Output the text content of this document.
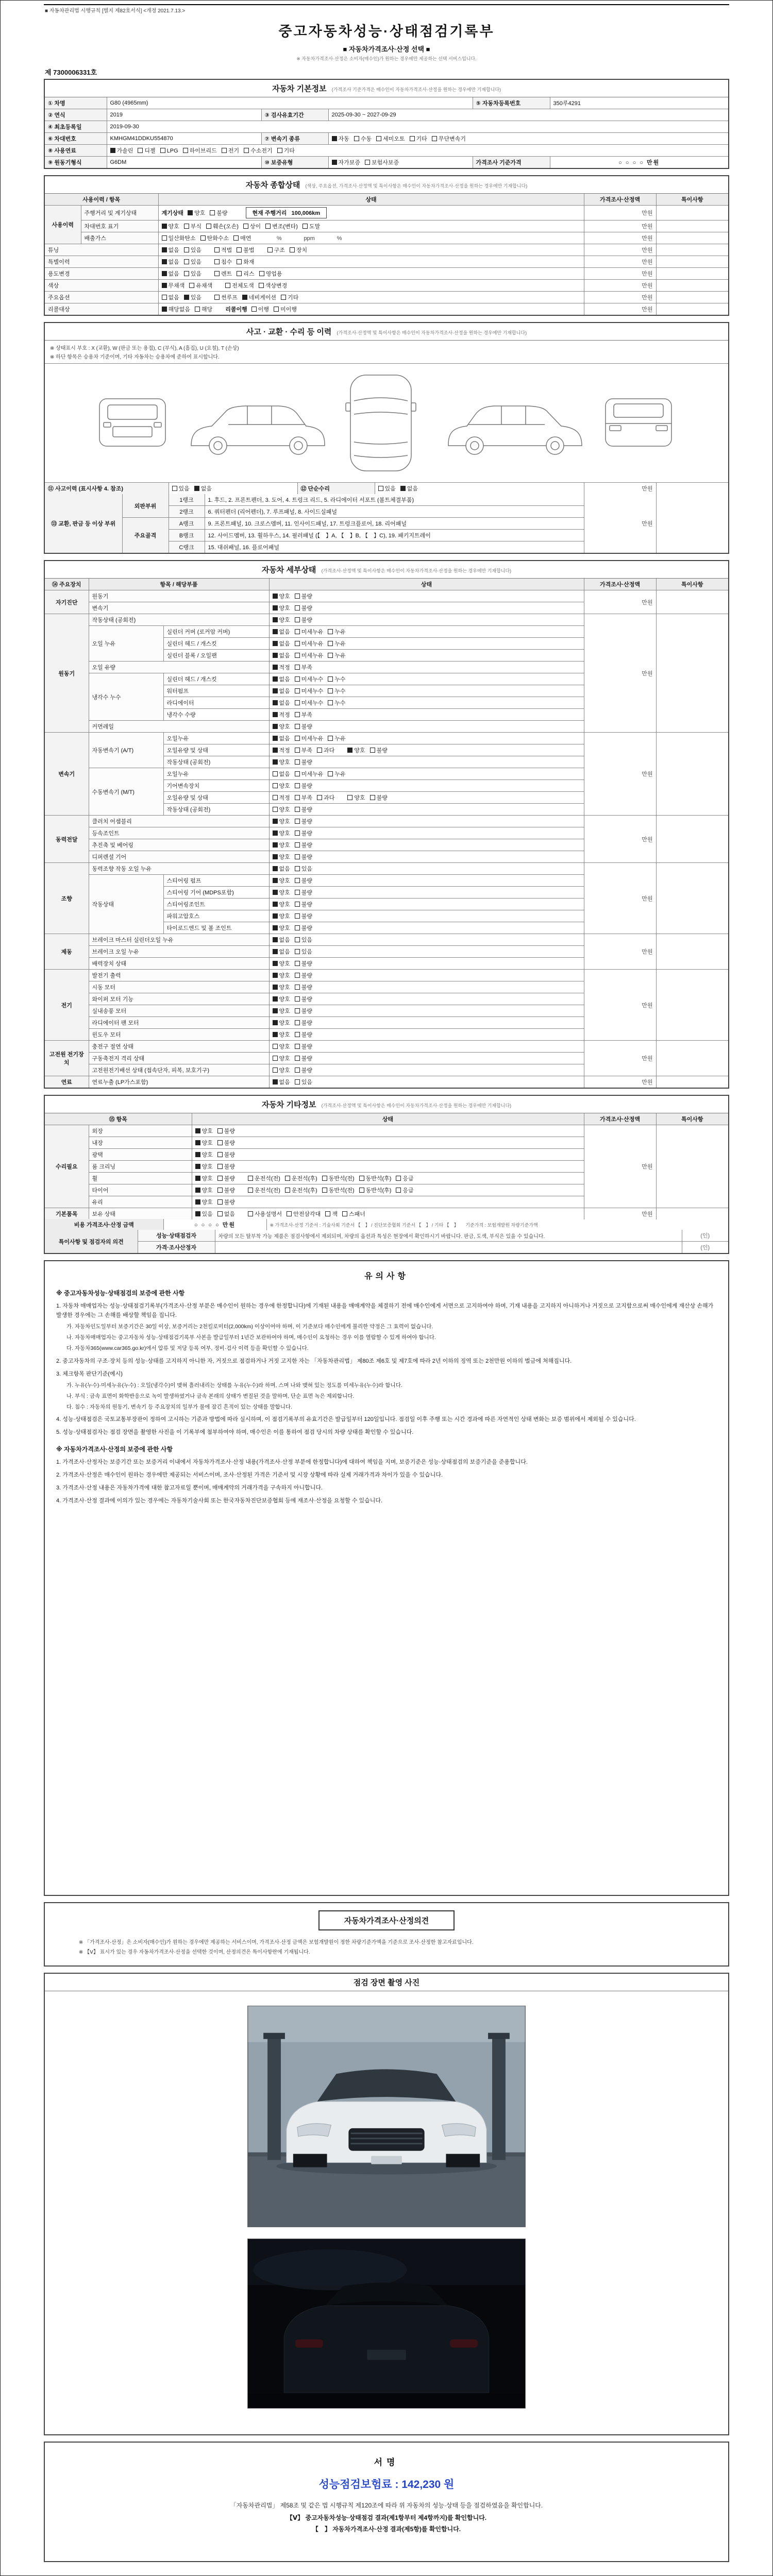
■ 자동차관리법 시행규칙 [별지 제82호서식] <개정 2021.7.13.>
중고자동차성능·상태점검기록부
■ 자동차가격조사·산정 선택 ■
※ 자동차가격조사·산정은 소비자(매수인)가 원하는 경우에만 제공하는 선택 서비스입니다.
제 7300006331호
자동차 기본정보 (가격조사 기준가격은 매수인이 자동차가격조사·산정을 원하는 경우에만 기재합니다)
① 차명	G80 (4965mm)			⑤ 자동차등록번호	350루4291
② 연식	2019	③ 검사유효기간	2025-09-30 ~ 2027-09-29		
④ 최초등록일	2019-09-30				
⑥ 차대번호	KMHGM41DDKU554870	⑦ 변속기 종류	자동 수동 세미오토 기타 무단변속기		
⑧ 사용연료	가솔린 디젤 LPG 하이브리드 전기 수소전기 기타				
⑨ 원동기형식	G6DM	⑩ 보증유형	자가보증 보험사보증	가격조사 기준가격	○ ○ ○ ○ 만원
자동차 종합상태 (색상, 주요옵션, 가격조사·산정액 및 특이사항은 매수인이 자동차가격조사·산정을 원하는 경우에만 기재합니다)
사용이력 / 항목		상태	가격조사·산정액	특이사항
사용이력	주행거리 및 계기상태	계기상태 양호 불량 현재 주행거리   100,006km	만원	
	차대번호 표기	양호 부식 훼손(오손) 상이 변조(변타) 도말	만원	
	배출가스	일산화탄소 탄화수소 매연        %              ppm              %	만원	
튜닝		없음 있음 적법 불법 구조 장치	만원	
특별이력		없음 있음 침수 화재	만원	
용도변경		없음 있음 렌트 리스 영업용	만원	
색상		무채색 유채색 전체도색 색상변경	만원	
주요옵션		없음 있음 썬루프 네비게이션 기타	만원	
리콜대상		해당없음 해당 리콜이행 이행 미이행	만원	
사고 · 교환 · 수리 등 이력 (가격조사·산정액 및 특이사항은 매수인이 자동차가격조사·산정을 원하는 경우에만 기재합니다)
※ 상태표시 부호 : X (교환), W (판금 또는 용접), C (부식), A (흠집), U (요철), T (손상)
※ 하단 항목은 승용차 기준이며, 기타 자동차는 승용차에 준하여 표시합니다.
⑪ 사고이력 (표시사항 4. 참조)	있음 없음	⑫ 단순수리	있음 없음	만원	
⑬ 교환, 판금 등 이상 부위	외판부위	1랭크	1. 후드, 2. 프론트펜더, 3. 도어, 4. 트렁크 리드, 5. 라디에이터 서포트 (볼트체결부품)	만원	
		2랭크	6. 쿼터펜더 (리어펜더), 7. 루프패널, 8. 사이드실패널		
	주요골격	A랭크	9. 프론트패널, 10. 크로스멤버, 11. 인사이드패널, 17. 트렁크플로어, 18. 리어패널		
		B랭크	12. 사이드멤버, 13. 휠하우스, 14. 필러패널 (【　】A, 【　】B, 【　】C), 19. 패키지트레이		
		C랭크	15. 대쉬패널, 16. 플로어패널		
자동차 세부상태 (가격조사·산정액 및 특이사항은 매수인이 자동차가격조사·산정을 원하는 경우에만 기재합니다)
⑭ 주요장치	항목 / 해당부품		상태	가격조사·산정액	특이사항
자기진단	원동기		양호 불량	만원	
	변속기		양호 불량		
원동기	작동상태 (공회전)		양호 불량	만원	
	오일 누유	실린더 커버 (로커암 커버)	없음 미세누유 누유		
		실린더 헤드 / 개스킷	없음 미세누유 누유		
		실린더 블록 / 오일팬	없음 미세누유 누유		
	오일 유량		적정 부족		
	냉각수 누수	실린더 헤드 / 개스킷	없음 미세누수 누수		
		워터펌프	없음 미세누수 누수		
		라디에이터	없음 미세누수 누수		
		냉각수 수량	적정 부족		
	커먼레일		양호 불량		
변속기	자동변속기 (A/T)	오일누유	없음 미세누유 누유	만원	
		오일유량 및 상태	적정 부족 과다 양호 불량		
		작동상태 (공회전)	양호 불량		
	수동변속기 (M/T)	오일누유	없음 미세누유 누유		
		기어변속장치	양호 불량		
		오일유량 및 상태	적정 부족 과다 양호 불량		
		작동상태 (공회전)	양호 불량		
동력전달	클러치 어셈블리		양호 불량	만원	
	등속조인트		양호 불량		
	추진축 및 베어링		양호 불량		
	디퍼렌셜 기어		양호 불량		
조향	동력조향 작동 오일 누유		없음 있음	만원	
	작동상태	스티어링 펌프	양호 불량		
		스티어링 기어 (MDPS포함)	양호 불량		
		스티어링조인트	양호 불량		
		파워고압호스	양호 불량		
		타이로드엔드 및 볼 조인트	양호 불량		
제동	브레이크 마스터 실린더오일 누유		없음 있음	만원	
	브레이크 오일 누유		없음 있음		
	배력장치 상태		양호 불량		
전기	발전기 출력		양호 불량	만원	
	시동 모터		양호 불량		
	와이퍼 모터 기능		양호 불량		
	실내송풍 모터		양호 불량		
	라디에이터 팬 모터		양호 불량		
	윈도우 모터		양호 불량		
고전원 전기장치	충전구 절연 상태		양호 불량	만원	
	구동축전지 격리 상태		양호 불량		
	고전원전기배선 상태 (접속단자, 피복, 보호기구)		양호 불량		
연료	연료누출 (LP가스포함)		없음 있음	만원	
자동차 기타정보 (가격조사·산정액 및 특이사항은 매수인이 자동차가격조사·산정을 원하는 경우에만 기재합니다)
⑮ 항목		상태	가격조사·산정액	특이사항
수리필요	외장	양호 불량	만원	
	내장	양호 불량		
	광택	양호 불량		
	룸 크리닝	양호 불량		
	휠	양호 불량 운전석(전) 운전석(후) 동반석(전) 동반석(후) 응급		
	타이어	양호 불량 운전석(전) 운전석(후) 동반석(전) 동반석(후) 응급		
	유리	양호 불량		
기본품목	보유 상태	있음 없음 사용설명서 안전삼각대 잭 스패너	만원	
비용 가격조사·산정 금액	○ ○ ○ ○ 만원	※ 가격조사·산정 기준서 : 기술사회 기준서 【　】 / 진단보증협회 기준서 【　】 / 기타 【　】　　기준가격 : 보험개발원 차량기준가액
특이사항 및 점검자의 의견	성능·상태점검자	차량의 모든 탈부착 가능 제품은 점검사항에서 제외되며, 차량의 옵션과 특성은 현장에서 확인하시기 바랍니다. 판금, 도색, 부식은 있을 수 있습니다.	(인)
	가격·조사산정자		(인)
유의사항

※ 중고자동차성능·상태점검의 보증에 관한 사항

1. 자동차 매매업자는 성능·상태점검기록부(가격조사·산정 부분은 매수인이 원하는 경우에 한정합니다)에 기재된 내용을 매매계약을 체결하기 전에 매수인에게 서면으로 고지하여야 하며, 기재 내용을 고지하지 아니하거나 거짓으로 고지함으로써 매수인에게 재산상 손해가 발생한 경우에는 그 손해를 배상할 책임을 집니다.

가. 자동차인도일부터 보증기간은 30일 이상, 보증거리는 2천킬로미터(2,000km) 이상이어야 하며, 이 기준보다 매수인에게 불리한 약정은 그 효력이 없습니다.

나. 자동차매매업자는 중고자동차 성능·상태점검기록부 사본을 발급일부터 1년간 보관하여야 하며, 매수인이 요청하는 경우 이를 열람할 수 있게 하여야 합니다.

다. 자동차365(www.car365.go.kr)에서 압류 및 저당 등록 여부, 정비·검사 이력 등을 확인할 수 있습니다.

2. 중고자동차의 구조·장치 등의 성능·상태를 고지하지 아니한 자, 거짓으로 점검하거나 거짓 고지한 자는 「자동차관리법」 제80조 제6호 및 제7호에 따라 2년 이하의 징역 또는 2천만원 이하의 벌금에 처해집니다.

3. 체크항목 판단기준(예시)

가. 누유(누수)·미세누유(누수) : 오일(냉각수)이 맺혀 흘러내리는 상태를 누유(누수)라 하며, 스며 나와 맺혀 있는 정도를 미세누유(누수)라 합니다.

나. 부식 : 금속 표면이 화학반응으로 녹이 발생하였거나 금속 본래의 상태가 변질된 것을 말하며, 단순 표면 녹은 제외합니다.

다. 침수 : 자동차의 원동기, 변속기 등 주요장치의 일부가 물에 잠긴 흔적이 있는 상태를 말합니다.

4. 성능·상태점검은 국토교통부장관이 정하여 고시하는 기준과 방법에 따라 실시하며, 이 점검기록부의 유효기간은 발급일부터 120일입니다. 점검일 이후 주행 또는 시간 경과에 따른 자연적인 상태 변화는 보증 범위에서 제외될 수 있습니다.

5. 성능·상태점검자는 점검 장면을 촬영한 사진을 이 기록부에 첨부하여야 하며, 매수인은 이를 통하여 점검 당시의 차량 상태를 확인할 수 있습니다.

※ 자동차가격조사·산정의 보증에 관한 사항

1. 가격조사·산정자는 보증기간 또는 보증거리 이내에서 자동차가격조사·산정 내용(가격조사·산정 부분에 한정합니다)에 대하여 책임을 지며, 보증기준은 성능·상태점검의 보증기준을 준용합니다.

2. 가격조사·산정은 매수인이 원하는 경우에만 제공되는 서비스이며, 조사·산정된 가격은 기준서 및 시장 상황에 따라 실제 거래가격과 차이가 있을 수 있습니다.

3. 가격조사·산정 내용은 자동차가격에 대한 참고자료일 뿐이며, 매매계약의 거래가격을 구속하지 아니합니다.

4. 가격조사·산정 결과에 이의가 있는 경우에는 자동차기술사회 또는 한국자동차진단보증협회 등에 재조사·산정을 요청할 수 있습니다.

자동차가격조사·산정의견

※ 「가격조사·산정」은 소비자(매수인)가 원하는 경우에만 제공하는 서비스이며, 가격조사·산정 금액은 보험개발원이 정한 차량기준가액을 기준으로 조사·산정한 참고자료입니다.

※ 【Ⅴ】 표시가 있는 경우 자동차가격조사·산정을 선택한 것이며, 산정의견은 특이사항란에 기재됩니다.

점검 장면 촬영 사진
서명
성능점검보험료 : 142,230 원
「자동차관리법」 제58조 및 같은 법 시행규칙 제120조에 따라 위 자동차의 성능·상태 등을 점검하였음을 확인합니다.
【Ⅴ】 중고자동차성능·상태점검 결과(제1항부터 제4항까지)를 확인합니다.
【　】 자동차가격조사·산정 결과(제5항)를 확인합니다.
